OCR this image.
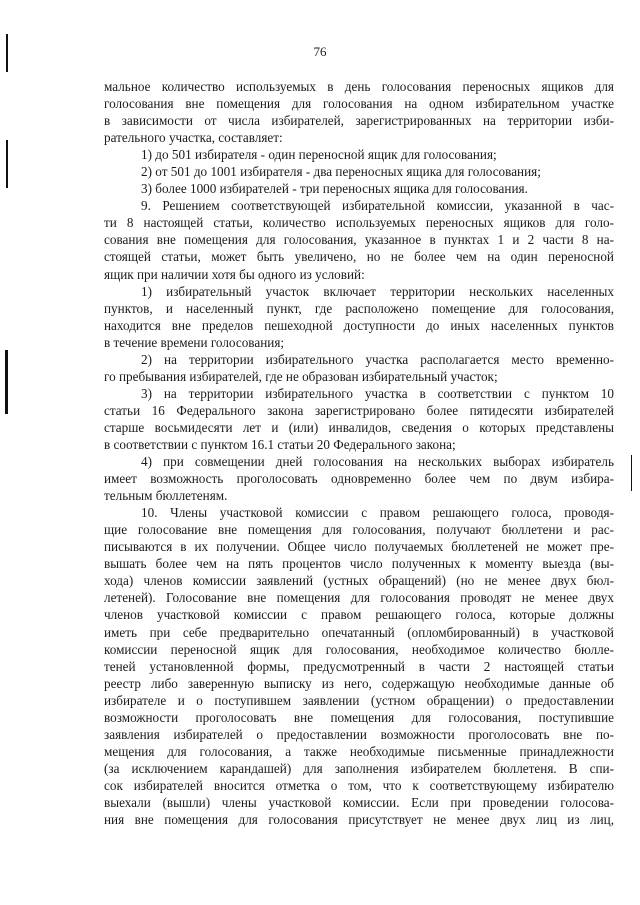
76
мальное количество используемых в день голосования переносных ящиков для
голосования вне помещения для голосования на одном избирательном участке
в зависимости от числа избирателей, зарегистрированных на территории изби-
рательного участка, составляет:
1) до 501 избирателя - один переносной ящик для голосования;
2) от 501 до 1001 избирателя - два переносных ящика для голосования;
3) более 1000 избирателей - три переносных ящика для голосования.
9. Решением соответствующей избирательной комиссии, указанной в час-
ти 8 настоящей статьи, количество используемых переносных ящиков для голо-
сования вне помещения для голосования, указанное в пунктах 1 и 2 части 8 на-
стоящей статьи, может быть увеличено, но не более чем на один переносной
ящик при наличии хотя бы одного из условий:
1) избирательный участок включает территории нескольких населенных
пунктов, и населенный пункт, где расположено помещение для голосования,
находится вне пределов пешеходной доступности до иных населенных пунктов
в течение времени голосования;
2) на территории избирательного участка располагается место временно-
го пребывания избирателей, где не образован избирательный участок;
3) на территории избирательного участка в соответствии с пунктом 10
статьи 16 Федерального закона зарегистрировано более пятидесяти избирателей
старше восьмидесяти лет и (или) инвалидов, сведения о которых представлены
в соответствии с пунктом 16.1 статьи 20 Федерального закона;
4) при совмещении дней голосования на нескольких выборах избиратель
имеет возможность проголосовать одновременно более чем по двум избира-
тельным бюллетеням.
10. Члены участковой комиссии с правом решающего голоса, проводя-
щие голосование вне помещения для голосования, получают бюллетени и рас-
писываются в их получении. Общее число получаемых бюллетеней не может пре-
вышать более чем на пять процентов число полученных к моменту выезда (вы-
хода) членов комиссии заявлений (устных обращений) (но не менее двух бюл-
летеней). Голосование вне помещения для голосования проводят не менее двух
членов участковой комиссии с правом решающего голоса, которые должны
иметь при себе предварительно опечатанный (опломбированный) в участковой
комиссии переносной ящик для голосования, необходимое количество бюлле-
теней установленной формы, предусмотренный в части 2 настоящей статьи
реестр либо заверенную выписку из него, содержащую необходимые данные об
избирателе и о поступившем заявлении (устном обращении) о предоставлении
возможности проголосовать вне помещения для голосования, поступившие
заявления избирателей о предоставлении возможности проголосовать вне по-
мещения для голосования, а также необходимые письменные принадлежности
(за исключением карандашей) для заполнения избирателем бюллетеня. В спи-
сок избирателей вносится отметка о том, что к соответствующему избирателю
выехали (вышли) члены участковой комиссии. Если при проведении голосова-
ния вне помещения для голосования присутствует не менее двух лиц из лиц,
